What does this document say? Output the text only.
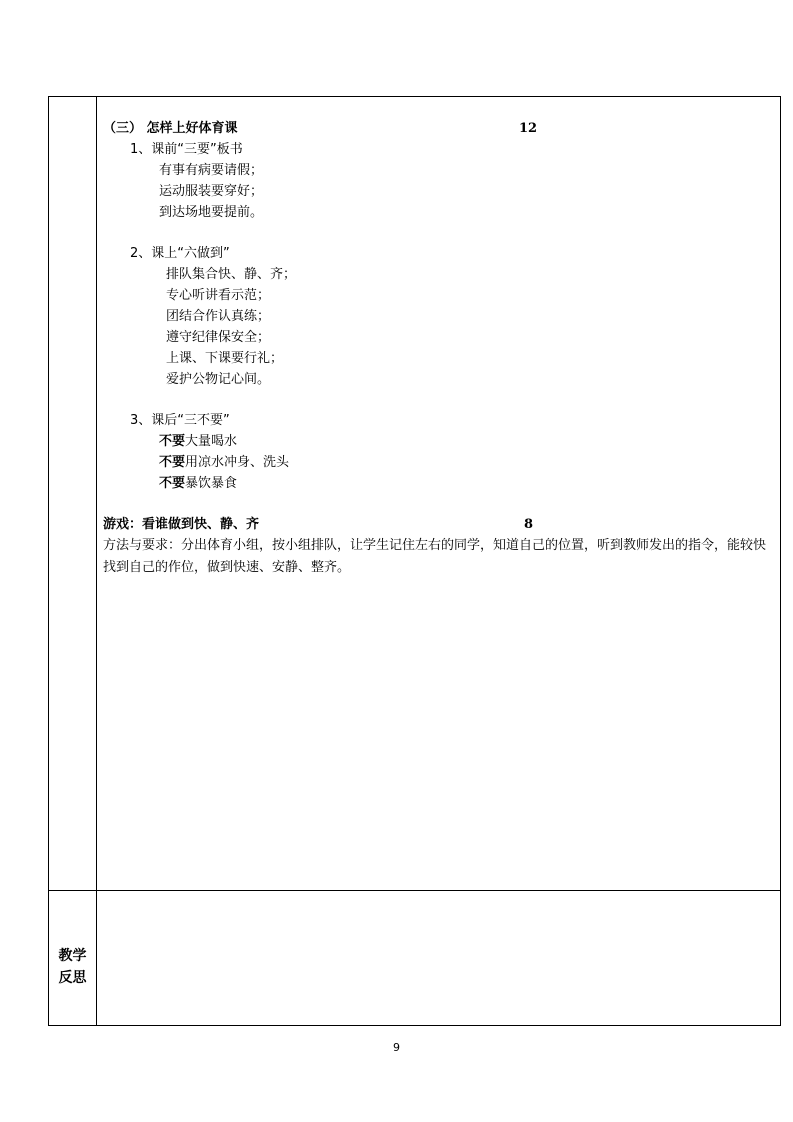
教学
反思
（三） 怎样上好体育课	12
1、课前“三要”板书
有事有病要请假；
运动服装要穿好；
到达场地要提前。
2、课上“六做到”
排队集合快、静、齐；
专心听讲看示范；
团结合作认真练；
遵守纪律保安全；
上课、下课要行礼；
爱护公物记心间。
3、课后“三不要”
不要大量喝水
不要用凉水冲身、洗头
不要暴饮暴食
游戏：看谁做到快、静、齐	8
方法与要求：分出体育小组，按小组排队，让学生记住左右的同学，知道自己的位置，听到教师发出的指令，能较快找到自己的作位，做到快速、安静、整齐。
9
